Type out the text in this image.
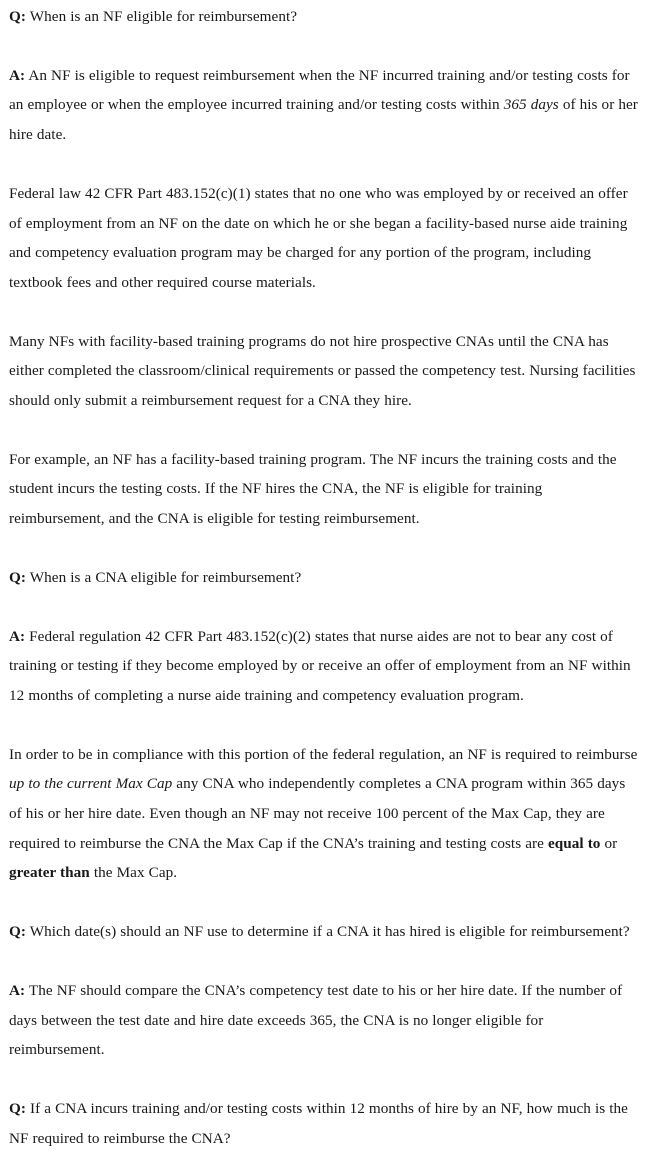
Q: When is an NF eligible for reimbursement?

A: An NF is eligible to request reimbursement when the NF incurred training and/or testing costs for an employee or when the employee incurred training and/or testing costs within 365 days of his or her hire date.

Federal law 42 CFR Part 483.152(c)(1) states that no one who was employed by or received an offer of employment from an NF on the date on which he or she began a facility-based nurse aide training and competency evaluation program may be charged for any portion of the program, including textbook fees and other required course materials.

Many NFs with facility-based training programs do not hire prospective CNAs until the CNA has either completed the classroom/clinical requirements or passed the competency test. Nursing facilities should only submit a reimbursement request for a CNA they hire.

For example, an NF has a facility-based training program. The NF incurs the training costs and the student incurs the testing costs. If the NF hires the CNA, the NF is eligible for training reimbursement, and the CNA is eligible for testing reimbursement.

Q: When is a CNA eligible for reimbursement?

A: Federal regulation 42 CFR Part 483.152(c)(2) states that nurse aides are not to bear any cost of training or testing if they become employed by or receive an offer of employment from an NF within 12 months of completing a nurse aide training and competency evaluation program.

In order to be in compliance with this portion of the federal regulation, an NF is required to reimburse up to the current Max Cap any CNA who independently completes a CNA program within 365 days of his or her hire date. Even though an NF may not receive 100 percent of the Max Cap, they are required to reimburse the CNA the Max Cap if the CNA’s training and testing costs are equal to or greater than the Max Cap.

Q: Which date(s) should an NF use to determine if a CNA it has hired is eligible for reimbursement?

A: The NF should compare the CNA’s competency test date to his or her hire date. If the number of days between the test date and hire date exceeds 365, the CNA is no longer eligible for reimbursement.

Q: If a CNA incurs training and/or testing costs within 12 months of hire by an NF, how much is the NF required to reimburse the CNA?
